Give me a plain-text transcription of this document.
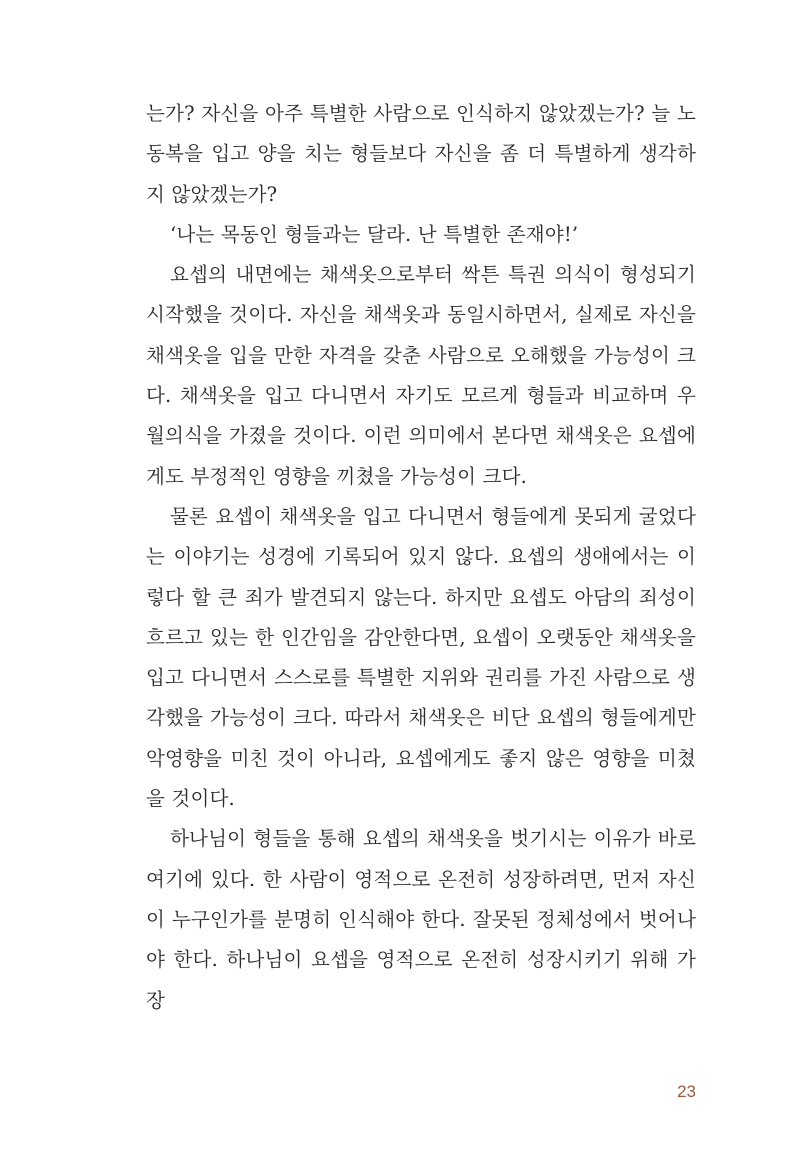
는가? 자신을 아주 특별한 사람으로 인식하지 않았겠는가? 늘 노동복을 입고 양을 치는 형들보다 자신을 좀 더 특별하게 생각하지 않았겠는가?

‘나는 목동인 형들과는 달라. 난 특별한 존재야!’

요셉의 내면에는 채색옷으로부터 싹튼 특권 의식이 형성되기 시작했을 것이다. 자신을 채색옷과 동일시하면서, 실제로 자신을 채색옷을 입을 만한 자격을 갖춘 사람으로 오해했을 가능성이 크다. 채색옷을 입고 다니면서 자기도 모르게 형들과 비교하며 우월의식을 가졌을 것이다. 이런 의미에서 본다면 채색옷은 요셉에게도 부정적인 영향을 끼쳤을 가능성이 크다.

물론 요셉이 채색옷을 입고 다니면서 형들에게 못되게 굴었다는 이야기는 성경에 기록되어 있지 않다. 요셉의 생애에서는 이렇다 할 큰 죄가 발견되지 않는다. 하지만 요셉도 아담의 죄성이 흐르고 있는 한 인간임을 감안한다면, 요셉이 오랫동안 채색옷을 입고 다니면서 스스로를 특별한 지위와 권리를 가진 사람으로 생각했을 가능성이 크다. 따라서 채색옷은 비단 요셉의 형들에게만 악영향을 미친 것이 아니라, 요셉에게도 좋지 않은 영향을 미쳤을 것이다.

하나님이 형들을 통해 요셉의 채색옷을 벗기시는 이유가 바로 여기에 있다. 한 사람이 영적으로 온전히 성장하려면, 먼저 자신이 누구인가를 분명히 인식해야 한다. 잘못된 정체성에서 벗어나야 한다. 하나님이 요셉을 영적으로 온전히 성장시키기 위해 가장

23
